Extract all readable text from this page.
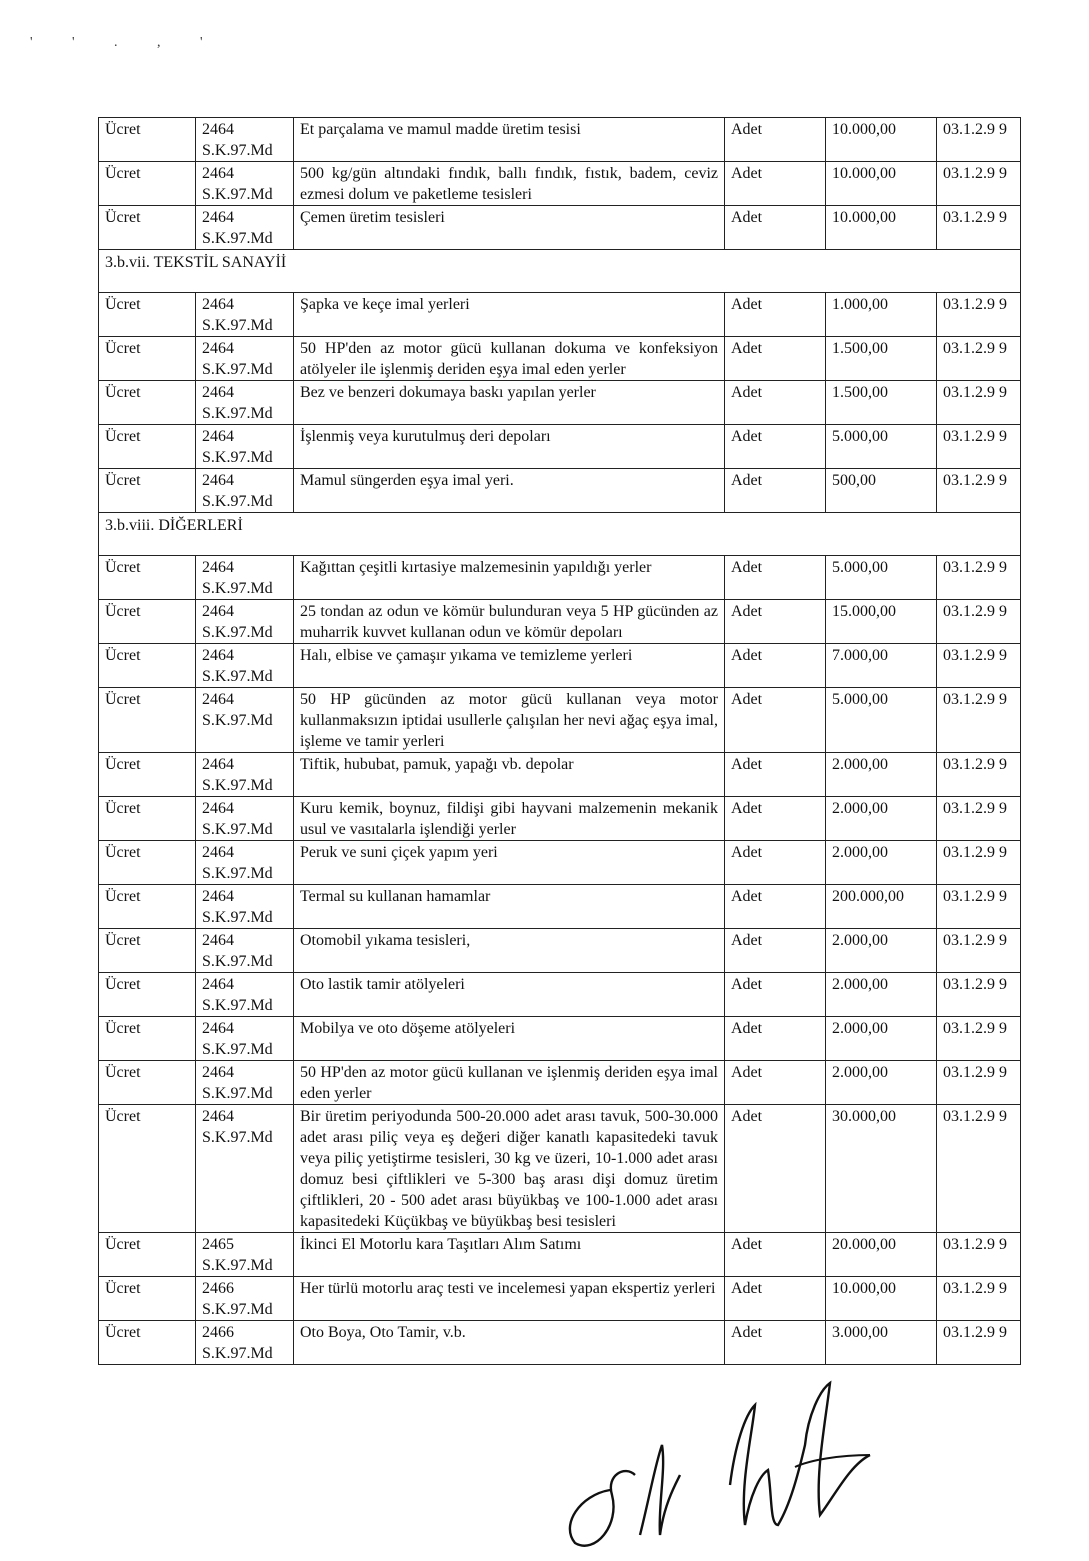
' ' . , '
Ücret	2464 S.K.97.Md	Et parçalama ve mamul madde üretim tesisi	Adet	10.000,00	03.1.2.9 9
Ücret	2464 S.K.97.Md	500 kg/gün altındaki fındık, ballı fındık, fıstık, badem, ceviz ezmesi dolum ve paketleme tesisleri	Adet	10.000,00	03.1.2.9 9
Ücret	2464 S.K.97.Md	Çemen üretim tesisleri	Adet	10.000,00	03.1.2.9 9
3.b.vii. TEKSTİL SANAYİİ					
Ücret	2464 S.K.97.Md	Şapka ve keçe imal yerleri	Adet	1.000,00	03.1.2.9 9
Ücret	2464 S.K.97.Md	50 HP'den az motor gücü kullanan dokuma ve konfeksiyon atölyeler ile işlenmiş deriden eşya imal eden yerler	Adet	1.500,00	03.1.2.9 9
Ücret	2464 S.K.97.Md	Bez ve benzeri dokumaya baskı yapılan yerler	Adet	1.500,00	03.1.2.9 9
Ücret	2464 S.K.97.Md	İşlenmiş veya kurutulmuş deri depoları	Adet	5.000,00	03.1.2.9 9
Ücret	2464 S.K.97.Md	Mamul süngerden eşya imal yeri.	Adet	500,00	03.1.2.9 9
3.b.viii. DİĞERLERİ					
Ücret	2464 S.K.97.Md	Kağıttan çeşitli kırtasiye malzemesinin yapıldığı yerler	Adet	5.000,00	03.1.2.9 9
Ücret	2464 S.K.97.Md	25 tondan az odun ve kömür bulunduran veya 5 HP gücünden az muharrik kuvvet kullanan odun ve kömür depoları	Adet	15.000,00	03.1.2.9 9
Ücret	2464 S.K.97.Md	Halı, elbise ve çamaşır yıkama ve temizleme yerleri	Adet	7.000,00	03.1.2.9 9
Ücret	2464 S.K.97.Md	50 HP gücünden az motor gücü kullanan veya motor kullanmaksızın iptidai usullerle çalışılan her nevi ağaç eşya imal, işleme ve tamir yerleri	Adet	5.000,00	03.1.2.9 9
Ücret	2464 S.K.97.Md	Tiftik, hububat, pamuk, yapağı vb. depolar	Adet	2.000,00	03.1.2.9 9
Ücret	2464 S.K.97.Md	Kuru kemik, boynuz, fildişi gibi hayvani malzemenin mekanik usul ve vasıtalarla işlendiği yerler	Adet	2.000,00	03.1.2.9 9
Ücret	2464 S.K.97.Md	Peruk ve suni çiçek yapım yeri	Adet	2.000,00	03.1.2.9 9
Ücret	2464 S.K.97.Md	Termal su kullanan hamamlar	Adet	200.000,00	03.1.2.9 9
Ücret	2464 S.K.97.Md	Otomobil yıkama tesisleri,	Adet	2.000,00	03.1.2.9 9
Ücret	2464 S.K.97.Md	Oto lastik tamir atölyeleri	Adet	2.000,00	03.1.2.9 9
Ücret	2464 S.K.97.Md	Mobilya ve oto döşeme atölyeleri	Adet	2.000,00	03.1.2.9 9
Ücret	2464 S.K.97.Md	50 HP'den az motor gücü kullanan ve işlenmiş deriden eşya imal eden yerler	Adet	2.000,00	03.1.2.9 9
Ücret	2464 S.K.97.Md	Bir üretim periyodunda 500-20.000 adet arası tavuk, 500-30.000 adet arası piliç veya eş değeri diğer kanatlı kapasitedeki tavuk veya piliç yetiştirme tesisleri, 30 kg ve üzeri, 10-1.000 adet arası domuz besi çiftlikleri ve 5-300 baş arası dişi domuz üretim çiftlikleri, 20 - 500 adet arası büyükbaş ve 100-1.000 adet arası kapasitedeki Küçükbaş ve büyükbaş besi tesisleri	Adet	30.000,00	03.1.2.9 9
Ücret	2465 S.K.97.Md	İkinci El Motorlu kara Taşıtları Alım Satımı	Adet	20.000,00	03.1.2.9 9
Ücret	2466 S.K.97.Md	Her türlü motorlu araç testi ve incelemesi yapan ekspertiz yerleri	Adet	10.000,00	03.1.2.9 9
Ücret	2466 S.K.97.Md	Oto Boya, Oto Tamir, v.b.	Adet	3.000,00	03.1.2.9 9
